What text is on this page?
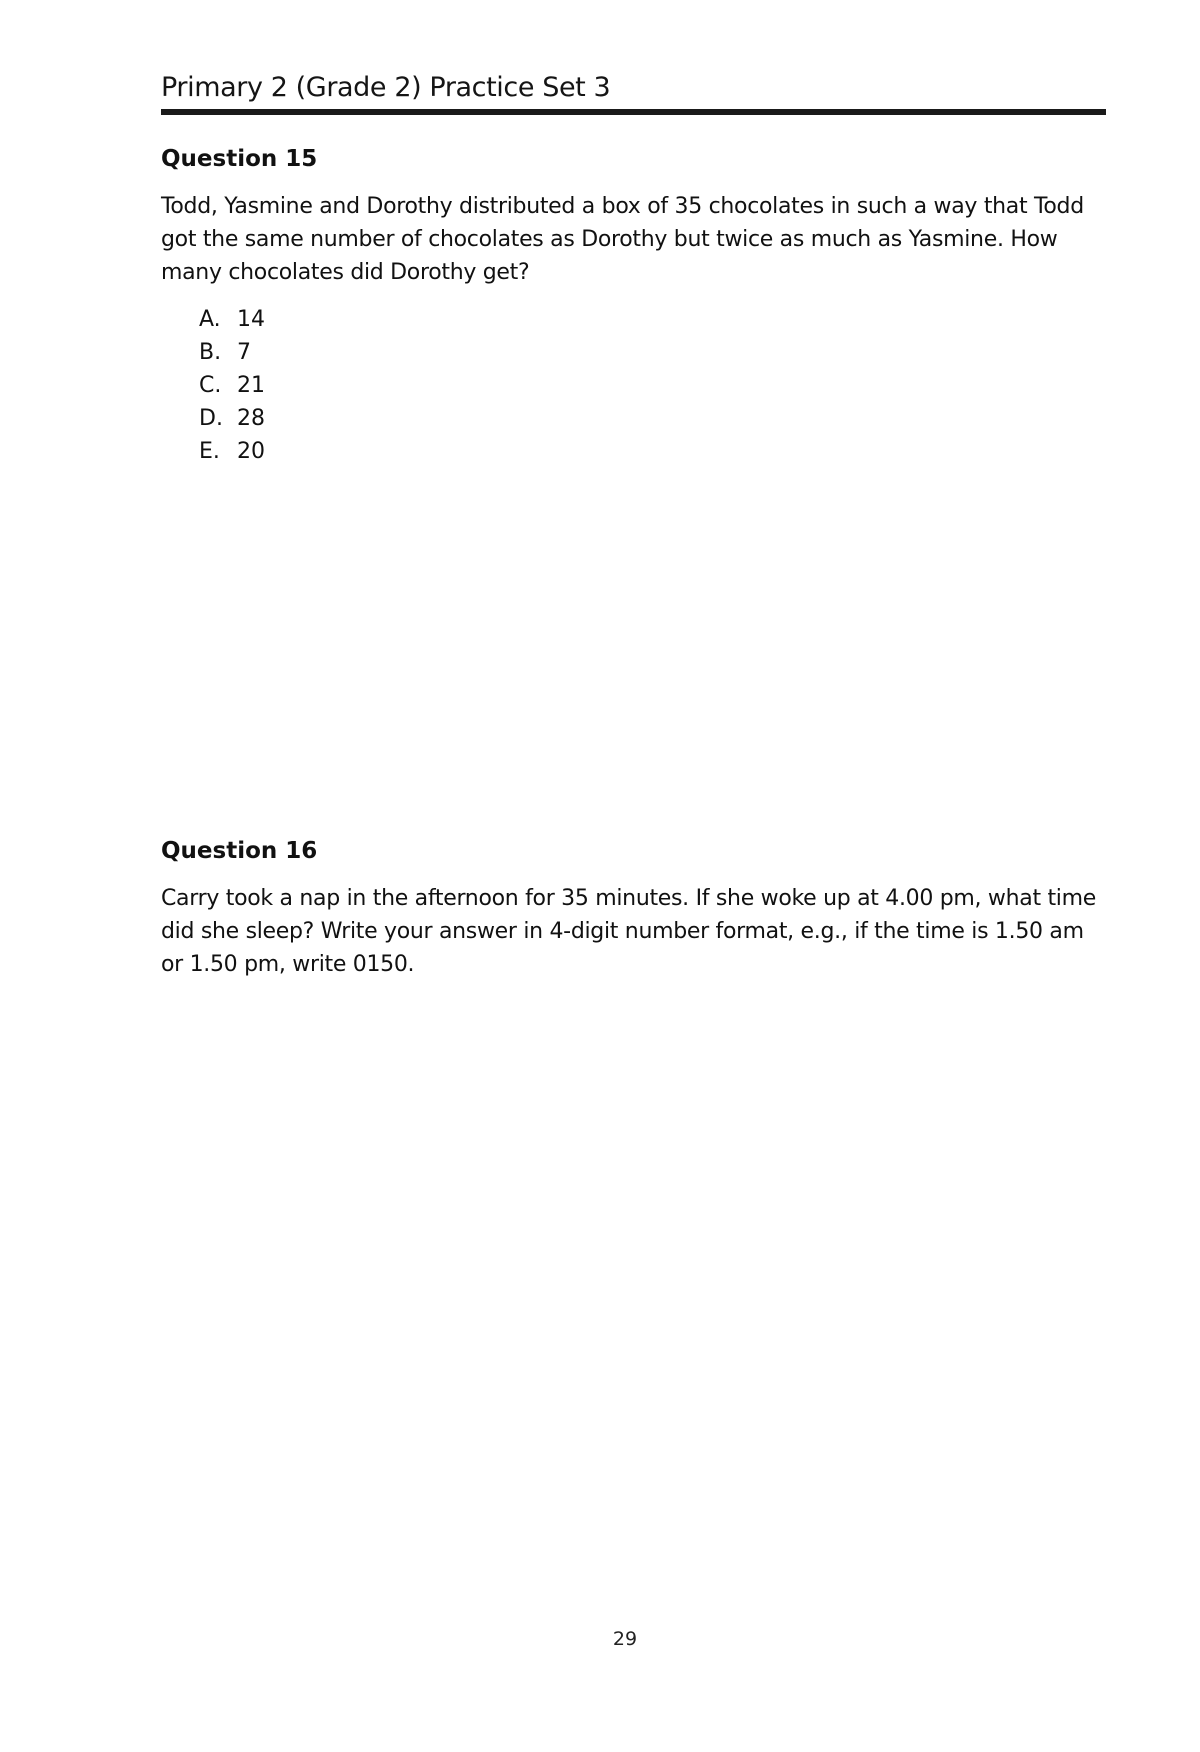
Primary 2 (Grade 2) Practice Set 3
Question 15

Todd, Yasmine and Dorothy distributed a box of 35 chocolates in such a way that Todd got the same number of chocolates as Dorothy but twice as much as Yasmine. How many chocolates did Dorothy get?

A. 14
B. 7
C. 21
D. 28
E. 20
Question 16

Carry took a nap in the afternoon for 35 minutes. If she woke up at 4.00 pm, what time did she sleep? Write your answer in 4-digit number format, e.g., if the time is 1.50 am or 1.50 pm, write 0150.

29
